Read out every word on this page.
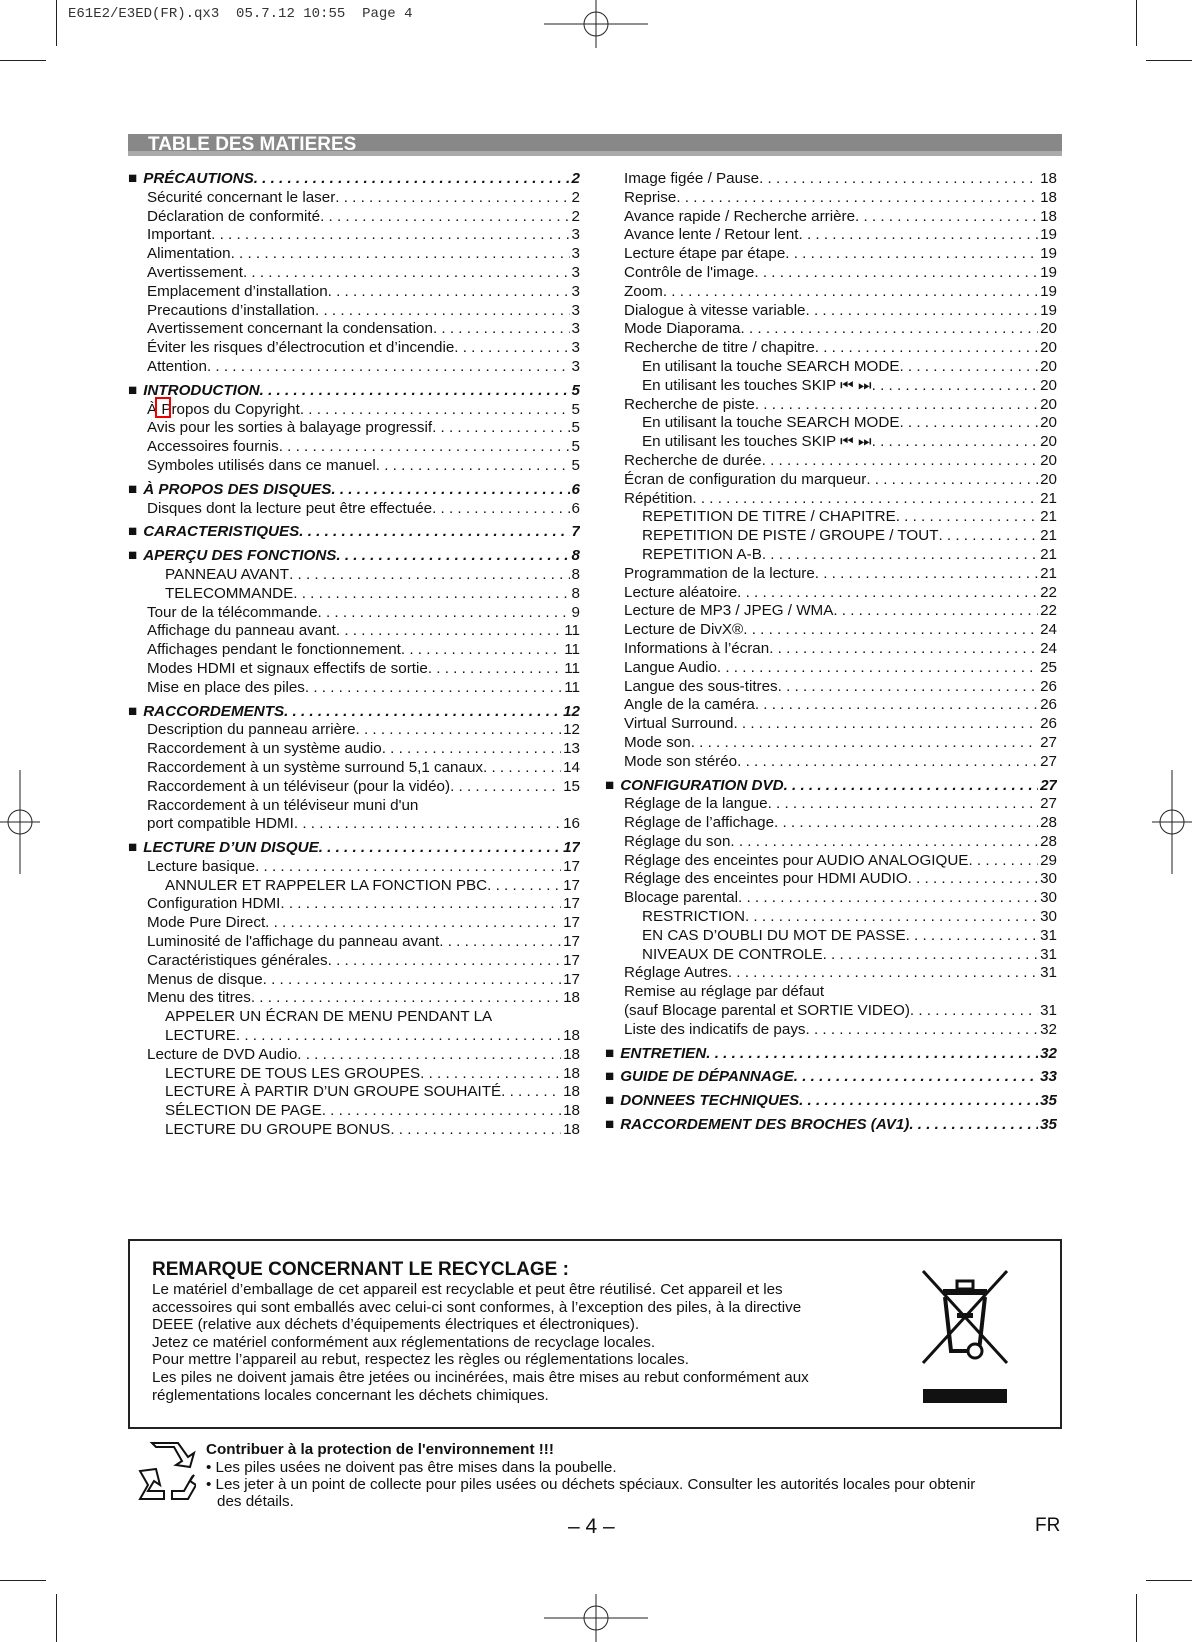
E61E2/E3ED(FR).qx3 05.7.12 10:55 Page 4
TABLE DES MATIERES
■ PRÉCAUTIONS . . .	2
Sécurité concernant le laser . . .	2
Déclaration de conformité . . .	2
Important . . .	3
Alimentation . . .	3
Avertissement . . .	3
Emplacement d’installation . . .	3
Precautions d’installation . . .	3
Avertissement concernant la condensation . . .	3
Éviter les risques d’électrocution et d’incendie . . .	3
Attention . . .	3
■ INTRODUCTION . . .	5
À Propos du Copyright . . .	5
Avis pour les sorties à balayage progressif . . .	5
Accessoires fournis . . .	5
Symboles utilisés dans ce manuel . . .	5
■ À PROPOS DES DISQUES . . .	6
Disques dont la lecture peut être effectuée . . .	6
■ CARACTERISTIQUES . . .	7
■ APERÇU DES FONCTIONS . . .	8
PANNEAU AVANT . . .	8
TELECOMMANDE . . .	8
Tour de la télécommande . . .	9
Affichage du panneau avant . . .	11
Affichages pendant le fonctionnement . . .	11
Modes HDMI et signaux effectifs de sortie . . .	11
Mise en place des piles . . .	11
■ RACCORDEMENTS . . .	12
Description du panneau arrière . . .	12
Raccordement à un système audio . . .	13
Raccordement à un système surround 5,1 canaux . . .	14
Raccordement à un téléviseur (pour la vidéo) . . .	15
Raccordement à un téléviseur muni d'un
port compatible HDMI . . .	16
■ LECTURE D’UN DISQUE . . .	17
Lecture basique . . .	17
ANNULER ET RAPPELER LA FONCTION PBC . . .	17
Configuration HDMI . . .	17
Mode Pure Direct . . .	17
Luminosité de l'affichage du panneau avant . . .	17
Caractéristiques générales . . .	17
Menus de disque . . .	17
Menu des titres . . .	18
APPELER UN ÉCRAN DE MENU PENDANT LA
LECTURE . . .	18
Lecture de DVD Audio . . .	18
LECTURE DE TOUS LES GROUPES . . .	18
LECTURE À PARTIR D’UN GROUPE SOUHAITÉ . . .	18
SÉLECTION DE PAGE . . .	18
LECTURE DU GROUPE BONUS . . .	18
Image figée / Pause . . .	18
Reprise . . .	18
Avance rapide / Recherche arrière . . .	18
Avance lente / Retour lent . . .	19
Lecture étape par étape . . .	19
Contrôle de l'image . . .	19
Zoom . . .	19
Dialogue à vitesse variable . . .	19
Mode Diaporama . . .	20
Recherche de titre / chapitre . . .	20
En utilisant la touche SEARCH MODE . . .	20
En utilisant les touches SKIP ⏮ ⏭ . . .	20
Recherche de piste . . .	20
En utilisant la touche SEARCH MODE . . .	20
En utilisant les touches SKIP ⏮ ⏭ . . .	20
Recherche de durée . . .	20
Écran de configuration du marqueur . . .	20
Répétition . . .	21
REPETITION DE TITRE / CHAPITRE . . .	21
REPETITION DE PISTE / GROUPE / TOUT . . .	21
REPETITION A-B . . .	21
Programmation de la lecture . . .	21
Lecture aléatoire . . .	22
Lecture de MP3 / JPEG / WMA . . .	22
Lecture de DivX® . . .	24
Informations à l’écran . . .	24
Langue Audio . . .	25
Langue des sous-titres . . .	26
Angle de la caméra . . .	26
Virtual Surround . . .	26
Mode son . . .	27
Mode son stéréo . . .	27
■ CONFIGURATION DVD . . .	27
Réglage de la langue . . .	27
Réglage de l’affichage . . .	28
Réglage du son . . .	28
Réglage des enceintes pour AUDIO ANALOGIQUE . . .	29
Réglage des enceintes pour HDMI AUDIO . . .	30
Blocage parental . . .	30
RESTRICTION . . .	30
EN CAS D’OUBLI DU MOT DE PASSE . . .	31
NIVEAUX DE CONTROLE . . .	31
Réglage Autres . . .	31
Remise au réglage par défaut
(sauf Blocage parental et SORTIE VIDEO) . . .	31
Liste des indicatifs de pays . . .	32
■ ENTRETIEN . . .	32
■ GUIDE DE DÉPANNAGE . . .	33
■ DONNEES TECHNIQUES . . .	35
■ RACCORDEMENT DES BROCHES (AV1) . . .	35
REMARQUE CONCERNANT LE RECYCLAGE :
Le matériel d’emballage de cet appareil est recyclable et peut être réutilisé. Cet appareil et les
accessoires qui sont emballés avec celui-ci sont conformes, à l’exception des piles, à la directive
DEEE (relative aux déchets d’équipements électriques et électroniques).
Jetez ce matériel conformément aux réglementations de recyclage locales.
Pour mettre l’appareil au rebut, respectez les règles ou réglementations locales.
Les piles ne doivent jamais être jetées ou incinérées, mais être mises au rebut conformément aux
réglementations locales concernant les déchets chimiques.
Contribuer à la protection de l'environnement !!!
• Les piles usées ne doivent pas être mises dans la poubelle.
• Les jeter à un point de collecte pour piles usées ou déchets spéciaux. Consulter les autorités locales pour obtenir
des détails.
– 4 –	FR
